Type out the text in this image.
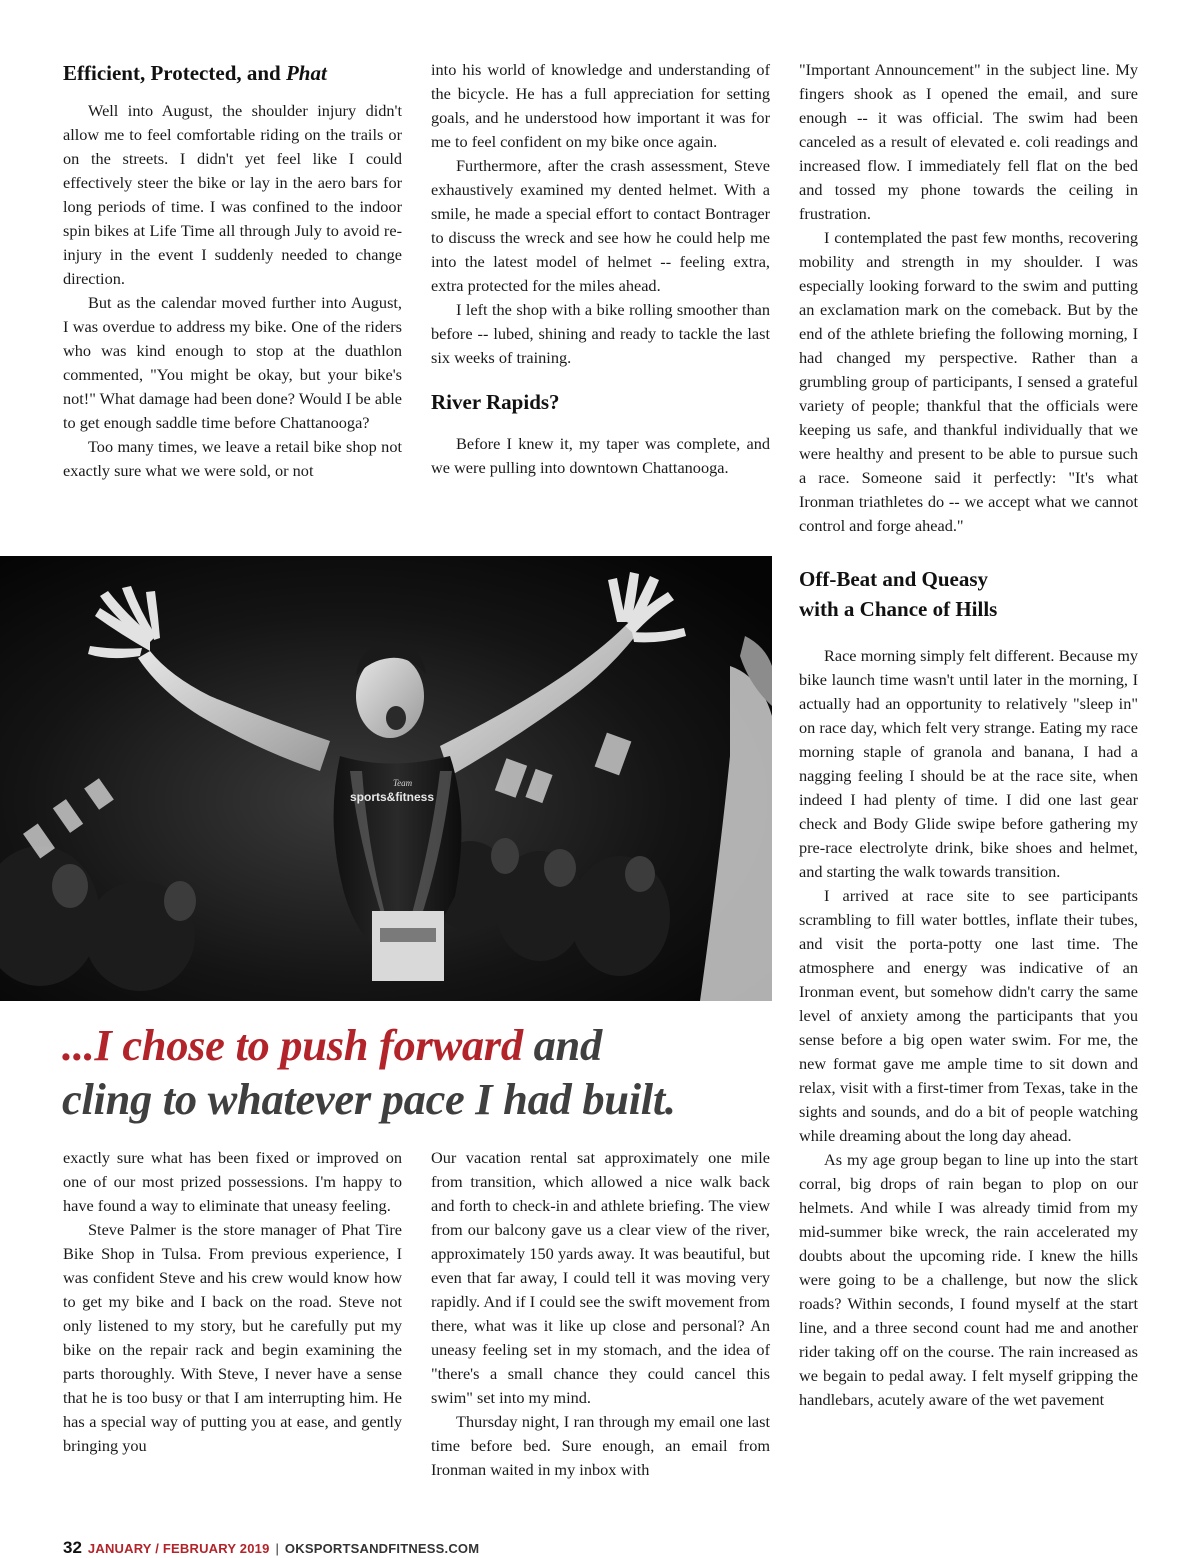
Efficient, Protected, and Phat

Well into August, the shoulder injury didn't allow me to feel comfortable riding on the trails or on the streets. I didn't yet feel like I could effectively steer the bike or lay in the aero bars for long periods of time. I was confined to the indoor spin bikes at Life Time all through July to avoid re-injury in the event I suddenly needed to change direction.

But as the calendar moved further into August, I was overdue to address my bike. One of the riders who was kind enough to stop at the duathlon commented, "You might be okay, but your bike's not!" What damage had been done? Would I be able to get enough saddle time before Chattanooga?

Too many times, we leave a retail bike shop not exactly sure what we were sold, or not

into his world of knowledge and understanding of the bicycle. He has a full appreciation for setting goals, and he understood how important it was for me to feel confident on my bike once again.

Furthermore, after the crash assessment, Steve exhaustively examined my dented helmet. With a smile, he made a special effort to contact Bontrager to discuss the wreck and see how he could help me into the latest model of helmet -- feeling extra, extra protected for the miles ahead.

I left the shop with a bike rolling smoother than before -- lubed, shining and ready to tackle the last six weeks of training.

River Rapids?

Before I knew it, my taper was complete, and we were pulling into downtown Chattanooga.

"Important Announcement" in the subject line. My fingers shook as I opened the email, and sure enough -- it was official. The swim had been canceled as a result of elevated e. coli readings and increased flow. I immediately fell flat on the bed and tossed my phone towards the ceiling in frustration.

I contemplated the past few months, recovering mobility and strength in my shoulder. I was especially looking forward to the swim and putting an exclamation mark on the comeback. But by the end of the athlete briefing the following morning, I had changed my perspective. Rather than a grumbling group of participants, I sensed a grateful variety of people; thankful that the officials were keeping us safe, and thankful individually that we were healthy and present to be able to pursue such a race. Someone said it perfectly: "It's what Ironman triathletes do -- we accept what we cannot control and forge ahead."

Off-Beat and Queasy
with a Chance of Hills

Race morning simply felt different. Because my bike launch time wasn't until later in the morning, I actually had an opportunity to relatively "sleep in" on race day, which felt very strange. Eating my race morning staple of granola and banana, I had a nagging feeling I should be at the race site, when indeed I had plenty of time. I did one last gear check and Body Glide swipe before gathering my pre-race electrolyte drink, bike shoes and helmet, and starting the walk towards transition.

I arrived at race site to see participants scrambling to fill water bottles, inflate their tubes, and visit the porta-potty one last time. The atmosphere and energy was indicative of an Ironman event, but somehow didn't carry the same level of anxiety among the participants that you sense before a big open water swim. For me, the new format gave me ample time to sit down and relax, visit with a first-timer from Texas, take in the sights and sounds, and do a bit of people watching while dreaming about the long day ahead.

As my age group began to line up into the start corral, big drops of rain began to plop on our helmets. And while I was already timid from my mid-summer bike wreck, the rain accelerated my doubts about the upcoming ride. I knew the hills were going to be a challenge, but now the slick roads? Within seconds, I found myself at the start line, and a three second count had me and another rider taking off on the course. The rain increased as we begain to pedal away. I felt myself gripping the handlebars, acutely aware of the wet pavement

sports&fitness
Team
...I chose to push forward and
cling to whatever pace I had built.

exactly sure what has been fixed or improved on one of our most prized possessions. I'm happy to have found a way to eliminate that uneasy feeling.

Steve Palmer is the store manager of Phat Tire Bike Shop in Tulsa. From previous experience, I was confident Steve and his crew would know how to get my bike and I back on the road. Steve not only listened to my story, but he carefully put my bike on the repair rack and begin examining the parts thoroughly. With Steve, I never have a sense that he is too busy or that I am interrupting him. He has a special way of putting you at ease, and gently bringing you

Our vacation rental sat approximately one mile from transition, which allowed a nice walk back and forth to check-in and athlete briefing. The view from our balcony gave us a clear view of the river, approximately 150 yards away. It was beautiful, but even that far away, I could tell it was moving very rapidly. And if I could see the swift movement from there, what was it like up close and personal? An uneasy feeling set in my stomach, and the idea of "there's a small chance they could cancel this swim" set into my mind.

Thursday night, I ran through my email one last time before bed. Sure enough, an email from Ironman waited in my inbox with

32 JANUARY / FEBRUARY 2019 | OKSPORTSANDFITNESS.COM
